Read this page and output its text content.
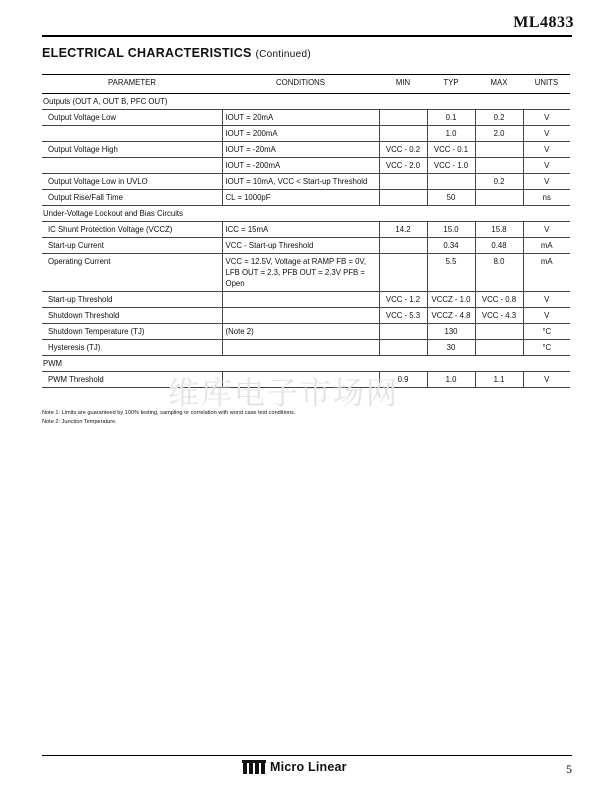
ML4833
ELECTRICAL CHARACTERISTICS (Continued)
PARAMETER	CONDITIONS	MIN	TYP	MAX	UNITS
Outputs (OUT A, OUT B, PFC OUT)					
Output Voltage Low	IOUT = 20mA		0.1	0.2	V
	IOUT = 200mA		1.0	2.0	V
Output Voltage High	IOUT = -20mA	VCC - 0.2	VCC - 0.1		V
	IOUT = -200mA	VCC - 2.0	VCC - 1.0		V
Output Voltage Low in UVLO	IOUT = 10mA, VCC < Start-up Threshold			0.2	V
Output Rise/Fall Time	CL = 1000pF		50		ns
Under-Voltage Lockout and Bias Circuits					
IC Shunt Protection Voltage (VCCZ)	ICC = 15mA	14.2	15.0	15.8	V
Start-up Current	VCC - Start-up Threshold		0.34	0.48	mA
Operating Current	VCC = 12.5V, Voltage at RAMP FB = 0V, LFB OUT = 2.3, PFB OUT = 2.3V PFB = Open		5.5	8.0	mA
Start-up Threshold		VCC - 1.2	VCCZ - 1.0	VCC - 0.8	V
Shutdown Threshold		VCC - 5.3	VCCZ - 4.8	VCC - 4.3	V
Shutdown Temperature (TJ)	(Note 2)		130		°C
Hysteresis (TJ)			30		°C
PWM					
PWM Threshold		0.9	1.0	1.1	V
维库电子市场网
Note 1: Limits are guaranteed by 100% testing, sampling or correlation with worst case test conditions.
Note 2: Junction Temperature.
Micro Linear	5
